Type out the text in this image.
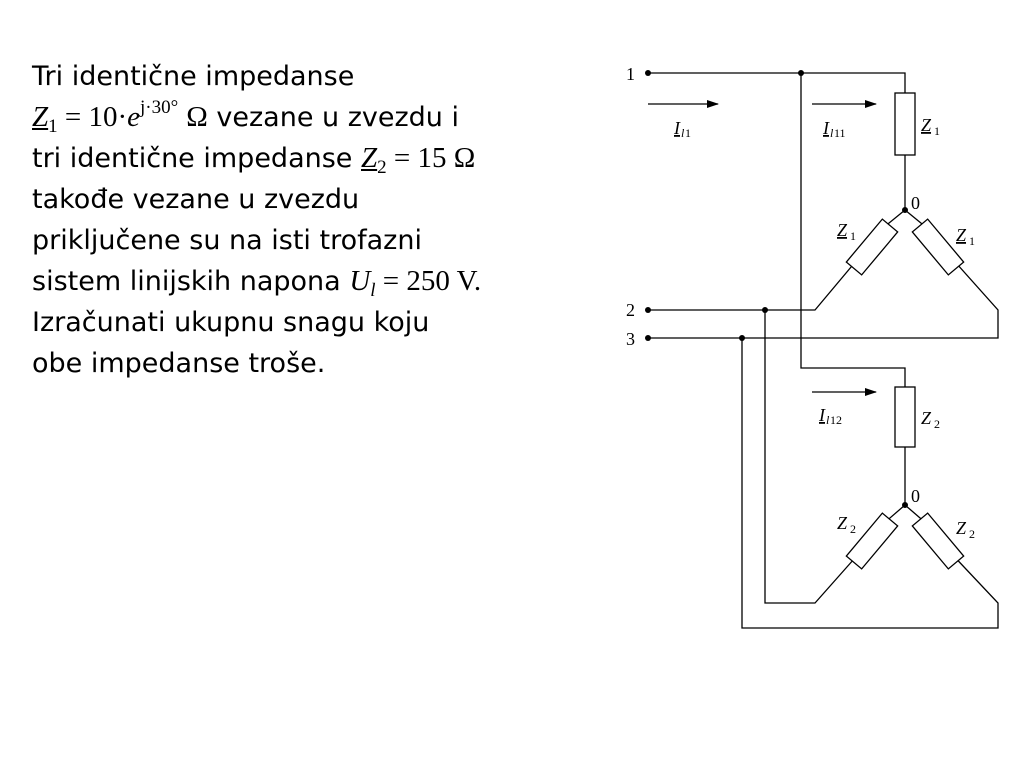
Tri identične impedanse
$Z_1 = 10\cdot e^{j\cdot 30^\circ}$ Ω vezane u zvezdu i
tri identične impedanse $Z_2 = 15$ Ω
takođe vezane u zvezdu
priključene su na isti trofazni
sistem linijskih napona $U_l = 250$ V.
Izračunati ukupnu snagu koju
obe impedanse troše.
1
2
3
0
0
I l 1	I l 11
I l 12
Z 1
Z 1	Z 1
Z 2
Z 2	Z 2
